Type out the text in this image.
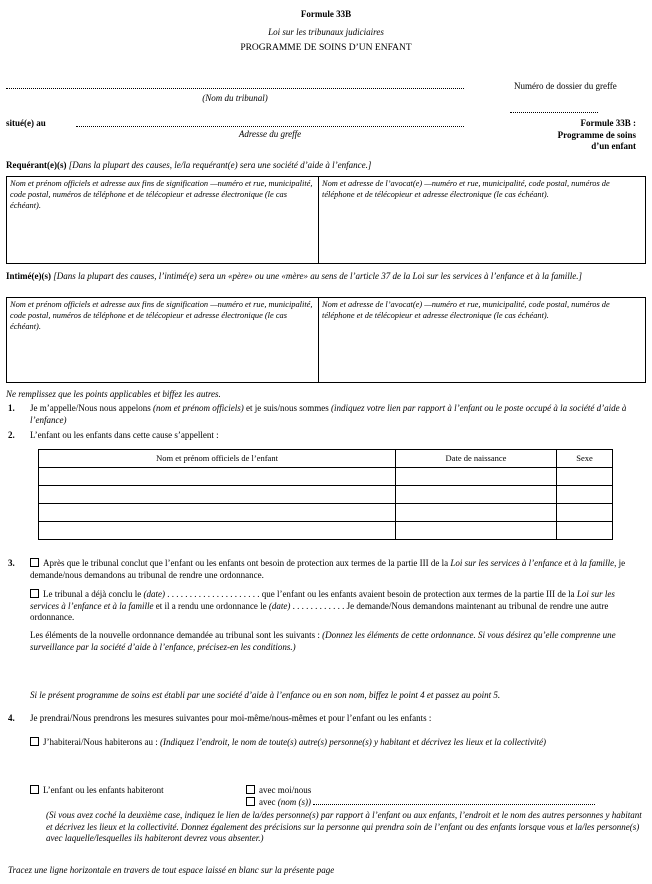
Formule 33B
Loi sur les tribunaux judiciaires
PROGRAMME DE SOINS D’UN ENFANT
(Nom du tribunal)
Numéro de dossier du greffe
situé(e) au
Adresse du greffe
Formule 33B :
Programme de soins
d’un enfant
Requérant(e)(s) [Dans la plupart des causes, le/la requérant(e) sera une société d’aide à l’enfance.]
Nom et prénom officiels et adresse aux fins de signification —numéro et rue, municipalité, code postal, numéros de téléphone et de télécopieur et adresse électronique (le cas échéant).
Nom et adresse de l’avocat(e) —numéro et rue, municipalité, code postal, numéros de téléphone et de télécopieur et adresse électronique (le cas échéant).
Intimé(e)(s) [Dans la plupart des causes, l’intimé(e) sera un «père» ou une «mère» au sens de l’article 37 de la Loi sur les services à l’enfance et à la famille.]
Nom et prénom officiels et adresse aux fins de signification —numéro et rue, municipalité, code postal, numéros de téléphone et de télécopieur et adresse électronique (le cas échéant).
Nom et adresse de l’avocat(e) —numéro et rue, municipalité, code postal, numéros de téléphone et de télécopieur et adresse électronique (le cas échéant).
Ne remplissez que les points applicables et biffez les autres.
1. Je m’appelle/Nous nous appelons (nom et prénom officiels) et je suis/nous sommes (indiquez votre lien par rapport à l’enfant ou le poste occupé à la société d’aide à l’enfance)
2. L’enfant ou les enfants dans cette cause s’appellent :
Nom et prénom officiels de l’enfant	Date de naissance	Sexe

3.	Après que le tribunal conclut que l’enfant ou les enfants ont besoin de protection aux termes de la partie III de la Loi sur les services à l’enfance et à la famille, je demande/nous demandons au tribunal de rendre une ordonnance.
Le tribunal a déjà conclu le (date) . . . . . . . . . . . . . . . . . . . . . que l’enfant ou les enfants avaient besoin de protection aux termes de la partie III de la Loi sur les services à l’enfance et à la famille et il a rendu une ordonnance le (date) . . . . . . . . . . . . Je demande/Nous demandons maintenant au tribunal de rendre une autre ordonnance.
Les éléments de la nouvelle ordonnance demandée au tribunal sont les suivants : (Donnez les éléments de cette ordonnance. Si vous désirez qu’elle comprenne une surveillance par la société d’aide à l’enfance, précisez-en les conditions.)
Si le présent programme de soins est établi par une société d’aide à l’enfance ou en son nom, biffez le point 4 et passez au point 5.
4. Je prendrai/Nous prendrons les mesures suivantes pour moi-même/nous-mêmes et pour l’enfant ou les enfants :
J’habiterai/Nous habiterons au : (Indiquez l’endroit, le nom de toute(s) autre(s) personne(s) y habitant et décrivez les lieux et la collectivité)
L’enfant ou les enfants habiteront	avec moi/nous
avec (nom (s))
(Si vous avez coché la deuxième case, indiquez le lien de la/des personne(s) par rapport à l’enfant ou aux enfants, l’endroit et le nom des autres personnes y habitant et décrivez les lieux et la collectivité. Donnez également des précisions sur la personne qui prendra soin de l’enfant ou des enfants lorsque vous et la/les personne(s) avec laquelle/lesquelles ils habiteront devrez vous absenter.)
Tracez une ligne horizontale en travers de tout espace laissé en blanc sur la présente page
